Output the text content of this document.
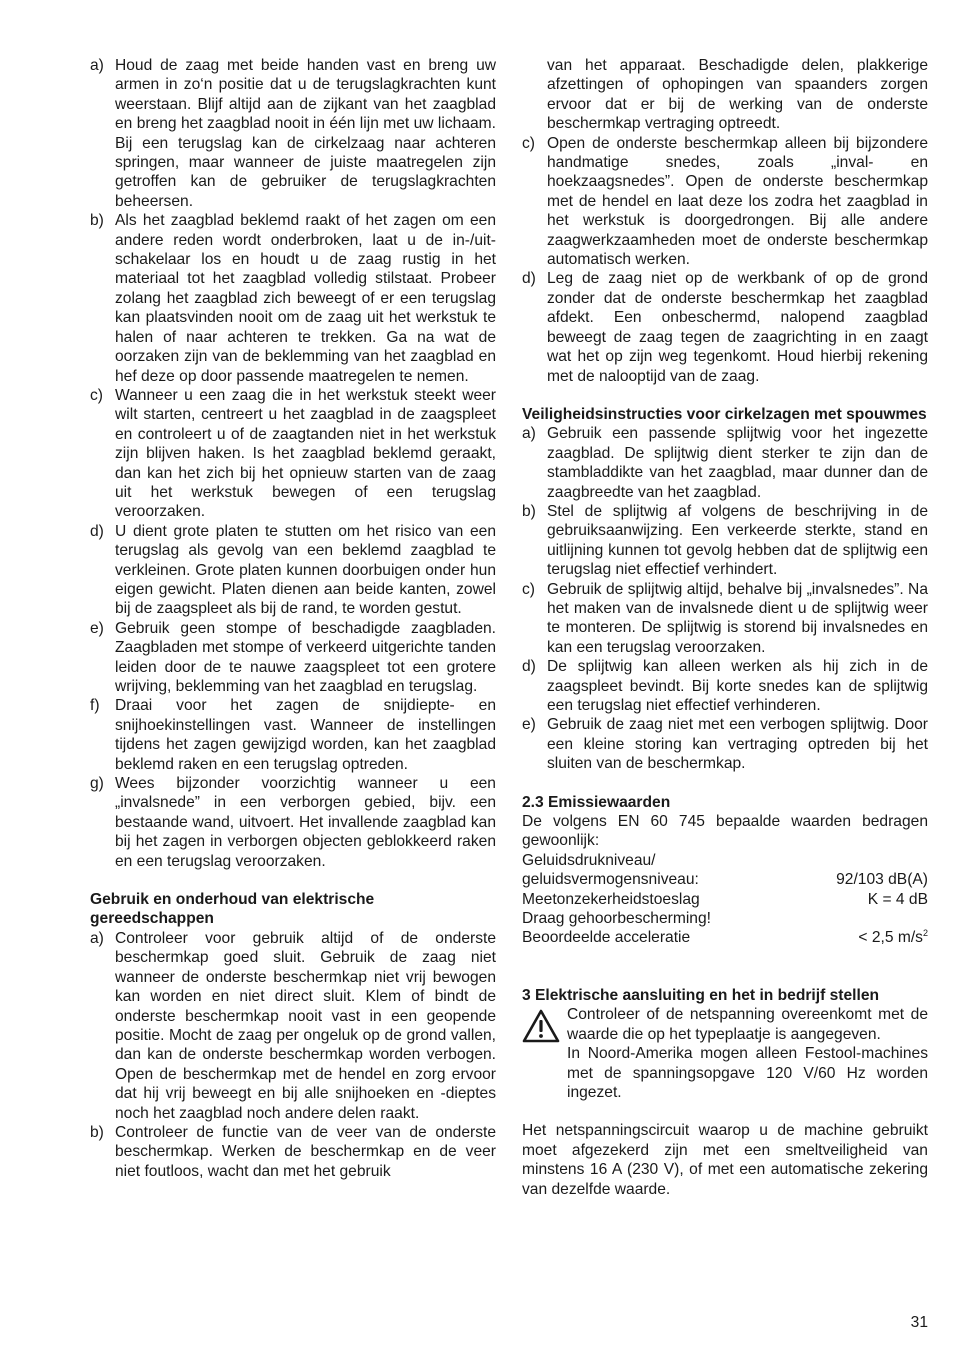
a) Houd de zaag met beide handen vast en breng uw armen in zo‘n positie dat u de terugslagkrachten kunt weerstaan. Blijf altijd aan de zijkant van het zaagblad en breng het zaagblad nooit in één lijn met uw lichaam. Bij een terugslag kan de cirkelzaag naar achteren springen, maar wanneer de juiste maatregelen zijn getroffen kan de gebruiker de terugslagkrachten beheersen.
b) Als het zaagblad beklemd raakt of het zagen om een andere reden wordt onderbroken, laat u de in-/uit-schakelaar los en houdt u de zaag rustig in het materiaal tot het zaagblad volledig stilstaat. Probeer zolang het zaagblad zich beweegt of er een terugslag kan plaatsvinden nooit om de zaag uit het werkstuk te halen of naar achteren te trekken. Ga na wat de oorzaken zijn van de beklemming van het zaagblad en hef deze op door passende maatregelen te nemen.
c) Wanneer u een zaag die in het werkstuk steekt weer wilt starten, centreert u het zaagblad in de zaagspleet en controleert u of de zaagtanden niet in het werkstuk zijn blijven haken. Is het zaagblad beklemd geraakt, dan kan het zich bij het opnieuw starten van de zaag uit het werkstuk bewegen of een terugslag veroorzaken.
d) U dient grote platen te stutten om het risico van een terugslag als gevolg van een beklemd zaagblad te verkleinen. Grote platen kunnen doorbuigen onder hun eigen gewicht. Platen dienen aan beide kanten, zowel bij de zaagspleet als bij de rand, te worden gestut.
e) Gebruik geen stompe of beschadigde zaagbladen. Zaagbladen met stompe of verkeerd uitgerichte tanden leiden door de te nauwe zaagspleet tot een grotere wrijving, beklemming van het zaagblad en terugslag.
f) Draai voor het zagen de snijdiepte- en snijhoekinstellingen vast. Wanneer de instellingen tijdens het zagen gewijzigd worden, kan het zaagblad beklemd raken en een terugslag optreden.
g) Wees bijzonder voorzichtig wanneer u een „invalsnede” in een verborgen gebied, bijv. een bestaande wand, uitvoert. Het invallende zaagblad kan bij het zagen in verborgen objecten geblokkeerd raken en een terugslag veroorzaken.
Gebruik en onderhoud van elektrische gereedschappen
a) Controleer voor gebruik altijd of de onderste beschermkap goed sluit. Gebruik de zaag niet wanneer de onderste beschermkap niet vrij bewogen kan worden en niet direct sluit. Klem of bindt de onderste beschermkap nooit vast in een geopende positie. Mocht de zaag per ongeluk op de grond vallen, dan kan de onderste beschermkap worden verbogen. Open de beschermkap met de hendel en zorg ervoor dat hij vrij beweegt en bij alle snijhoeken en -dieptes noch het zaagblad noch andere delen raakt.
b) Controleer de functie van de veer van de onderste beschermkap. Werken de beschermkap en de veer niet foutloos, wacht dan met het gebruik
van het apparaat. Beschadigde delen, plakkerige afzettingen of ophopingen van spaanders zorgen ervoor dat er bij de werking van de onderste beschermkap vertraging optreedt.
c) Open de onderste beschermkap alleen bij bijzondere handmatige snedes, zoals „inval- en hoekzaagsnedes”. Open de onderste beschermkap met de hendel en laat deze los zodra het zaagblad in het werkstuk is doorgedrongen. Bij alle andere zaagwerkzaamheden moet de onderste beschermkap automatisch werken.
d) Leg de zaag niet op de werkbank of op de grond zonder dat de onderste beschermkap het zaagblad afdekt. Een onbeschermd, nalopend zaagblad beweegt de zaag tegen de zaagrichting in en zaagt wat het op zijn weg tegenkomt. Houd hierbij rekening met de nalooptijd van de zaag.
Veiligheidsinstructies voor cirkelzagen met spouwmes
a) Gebruik een passende splijtwig voor het ingezette zaagblad. De splijtwig dient sterker te zijn dan de stambladdikte van het zaagblad, maar dunner dan de zaagbreedte van het zaagblad.
b) Stel de splijtwig af volgens de beschrijving in de gebruiksaanwijzing. Een verkeerde sterkte, stand en uitlijning kunnen tot gevolg hebben dat de splijtwig een terugslag niet effectief verhindert.
c) Gebruik de splijtwig altijd, behalve bij „invalsnedes”. Na het maken van de invalsnede dient u de splijtwig weer te monteren. De splijtwig is storend bij invalsnedes en kan een terugslag veroorzaken.
d) De splijtwig kan alleen werken als hij zich in de zaagspleet bevindt. Bij korte snedes kan de splijtwig een terugslag niet effectief verhinderen.
e) Gebruik de zaag niet met een verbogen splijtwig. Door een kleine storing kan vertraging optreden bij het sluiten van de beschermkap.
2.3 Emissiewaarden

De volgens EN 60 745 bepaalde waarden bedragen gewoonlijk:

Geluidsdrukniveau/
geluidsvermogensniveau:	92/103 dB(A)
Meetonzekerheidstoeslag	K = 4 dB
Draag gehoorbescherming!
Beoordeelde acceleratie	< 2,5 $m/s^2$
3 Elektrische aansluiting en het in bedrijf stellen
Controleer of de netspanning overeenkomt met de waarde die op het typeplaatje is aangegeven.
In Noord-Amerika mogen alleen Festool-machines met de spanningsopgave 120 V/60 Hz worden ingezet.

Het netspanningscircuit waarop u de machine gebruikt moet afgezekerd zijn met een smeltveiligheid van minstens 16 A (230 V), of met een automatische zekering van dezelfde waarde.

31
